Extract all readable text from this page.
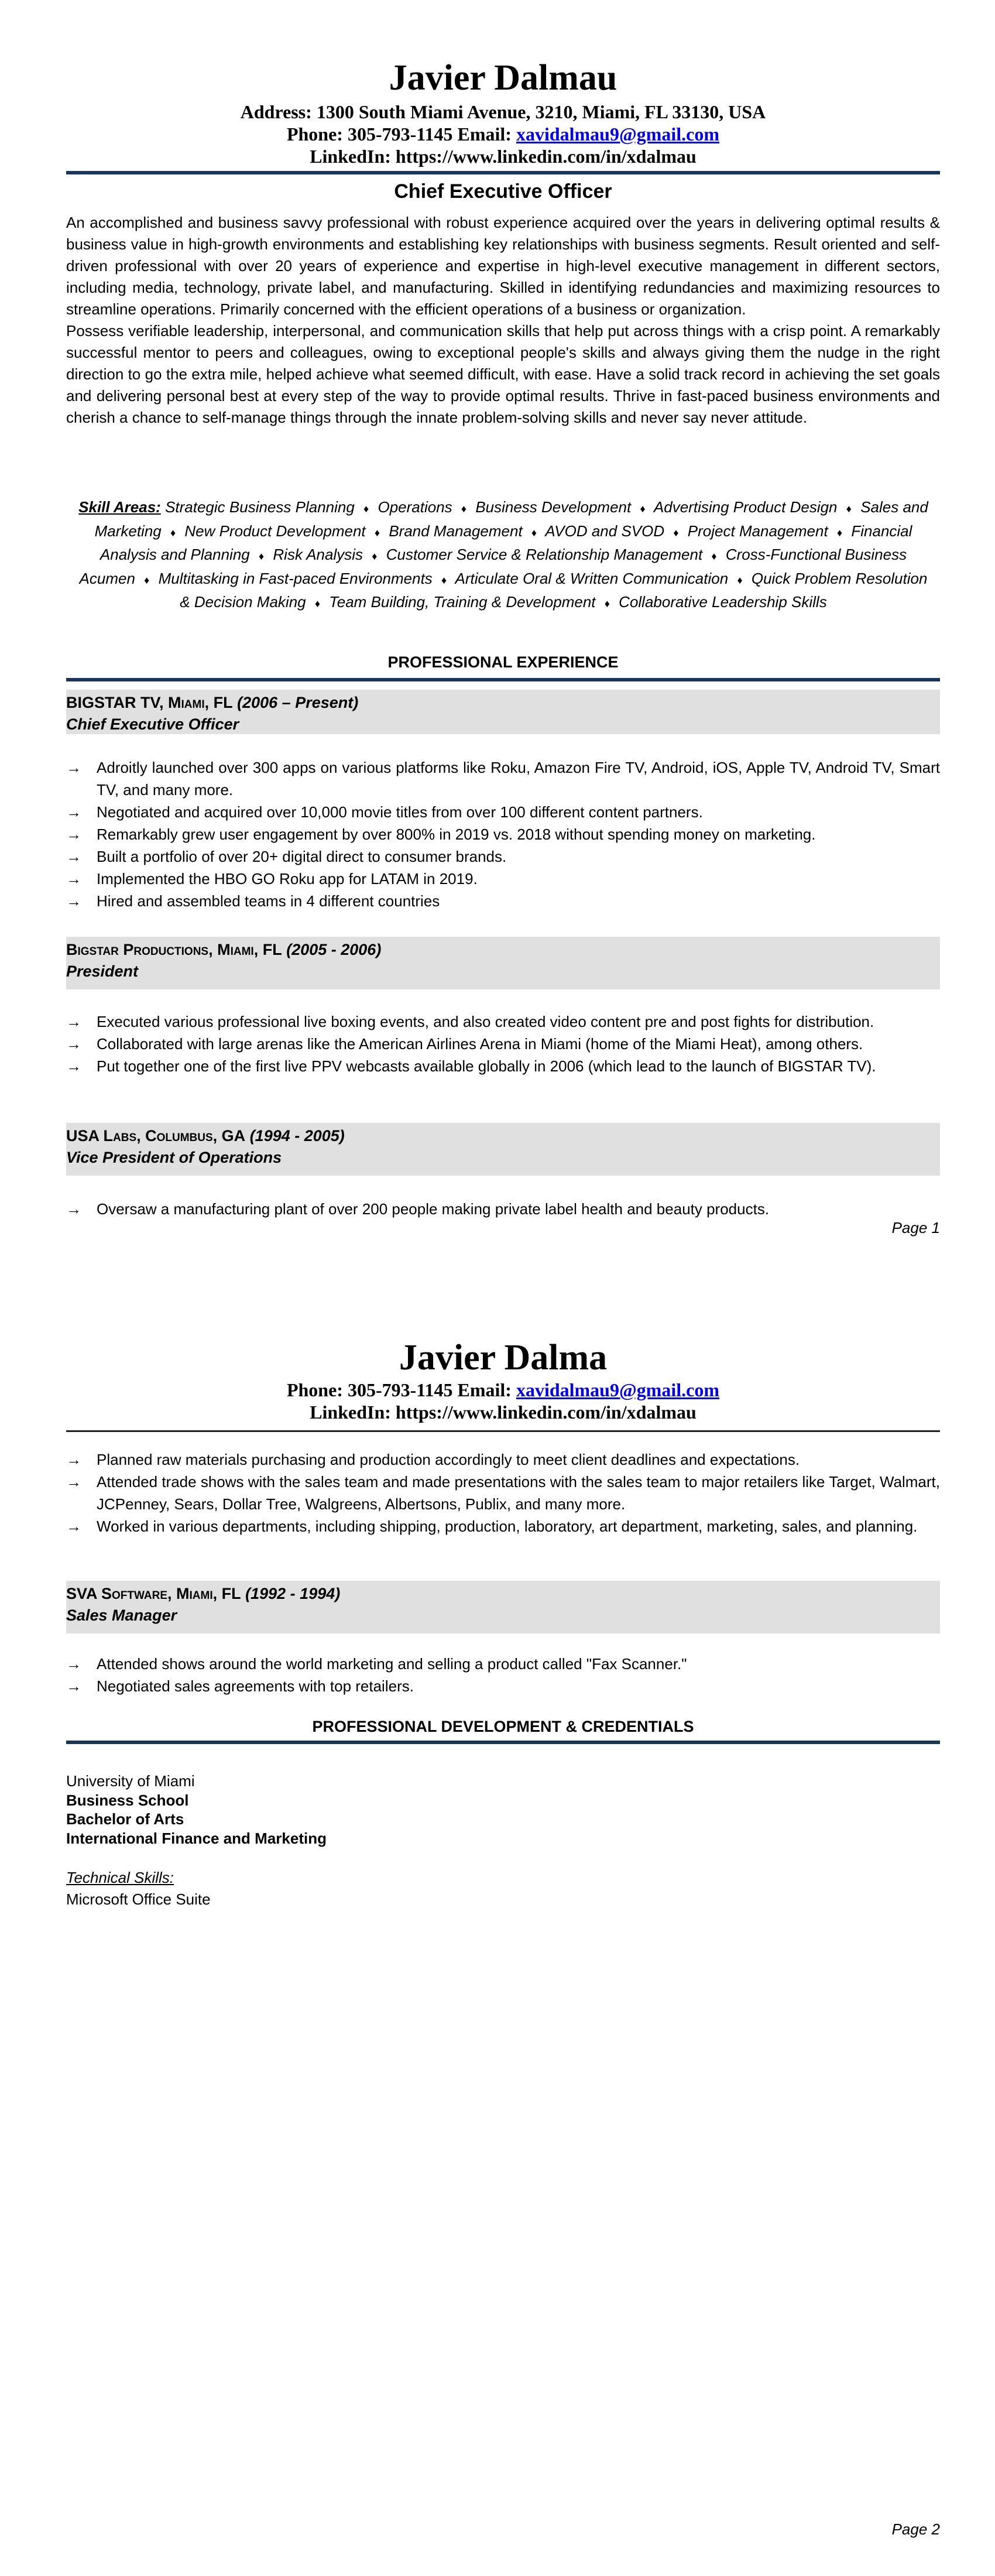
Javier Dalmau
Address: 1300 South Miami Avenue, 3210, Miami, FL 33130, USA
Phone: 305-793-1145 Email: xavidalmau9@gmail.com
LinkedIn: https://www.linkedin.com/in/xdalmau
Chief Executive Officer

An accomplished and business savvy professional with robust experience acquired over the years in delivering optimal results & business value in high-growth environments and establishing key relationships with business segments. Result oriented and self-driven professional with over 20 years of experience and expertise in high-level executive management in different sectors, including media, technology, private label, and manufacturing. Skilled in identifying redundancies and maximizing resources to streamline operations. Primarily concerned with the efficient operations of a business or organization.

Possess verifiable leadership, interpersonal, and communication skills that help put across things with a crisp point. A remarkably successful mentor to peers and colleagues, owing to exceptional people's skills and always giving them the nudge in the right direction to go the extra mile, helped achieve what seemed difficult, with ease. Have a solid track record in achieving the set goals and delivering personal best at every step of the way to provide optimal results. Thrive in fast-paced business environments and cherish a chance to self-manage things through the innate problem-solving skills and never say never attitude.

Skill Areas: Strategic Business Planning ♦ Operations ♦ Business Development ♦ Advertising Product Design ♦ Sales and Marketing ♦ New Product Development ♦ Brand Management ♦ AVOD and SVOD ♦ Project Management ♦ Financial Analysis and Planning ♦ Risk Analysis ♦ Customer Service & Relationship Management ♦ Cross-Functional Business Acumen ♦ Multitasking in Fast-paced Environments ♦ Articulate Oral & Written Communication ♦ Quick Problem Resolution & Decision Making ♦ Team Building, Training & Development ♦ Collaborative Leadership Skills
PROFESSIONAL EXPERIENCE
BIGSTAR TV, Miami, FL (2006 – Present)
Chief Executive Officer
→ Adroitly launched over 300 apps on various platforms like Roku, Amazon Fire TV, Android, iOS, Apple TV, Android TV, Smart TV, and many more.
→ Negotiated and acquired over 10,000 movie titles from over 100 different content partners.
→ Remarkably grew user engagement by over 800% in 2019 vs. 2018 without spending money on marketing.
→ Built a portfolio of over 20+ digital direct to consumer brands.
→ Implemented the HBO GO Roku app for LATAM in 2019.
→ Hired and assembled teams in 4 different countries
Bigstar Productions, Miami, FL (2005 - 2006)
President
→ Executed various professional live boxing events, and also created video content pre and post fights for distribution.
→ Collaborated with large arenas like the American Airlines Arena in Miami (home of the Miami Heat), among others.
→ Put together one of the first live PPV webcasts available globally in 2006 (which lead to the launch of BIGSTAR TV).
USA Labs, Columbus, GA (1994 - 2005)
Vice President of Operations
→ Oversaw a manufacturing plant of over 200 people making private label health and beauty products.
Page 1
Javier Dalma
Phone: 305-793-1145 Email: xavidalmau9@gmail.com
LinkedIn: https://www.linkedin.com/in/xdalmau
→ Planned raw materials purchasing and production accordingly to meet client deadlines and expectations.
→ Attended trade shows with the sales team and made presentations with the sales team to major retailers like Target, Walmart, JCPenney, Sears, Dollar Tree, Walgreens, Albertsons, Publix, and many more.
→ Worked in various departments, including shipping, production, laboratory, art department, marketing, sales, and planning.
SVA Software, Miami, FL (1992 - 1994)
Sales Manager
→ Attended shows around the world marketing and selling a product called "Fax Scanner."
→ Negotiated sales agreements with top retailers.
PROFESSIONAL DEVELOPMENT & CREDENTIALS
University of Miami
Business School
Bachelor of Arts
International Finance and Marketing
Technical Skills:
Microsoft Office Suite
Page 2
